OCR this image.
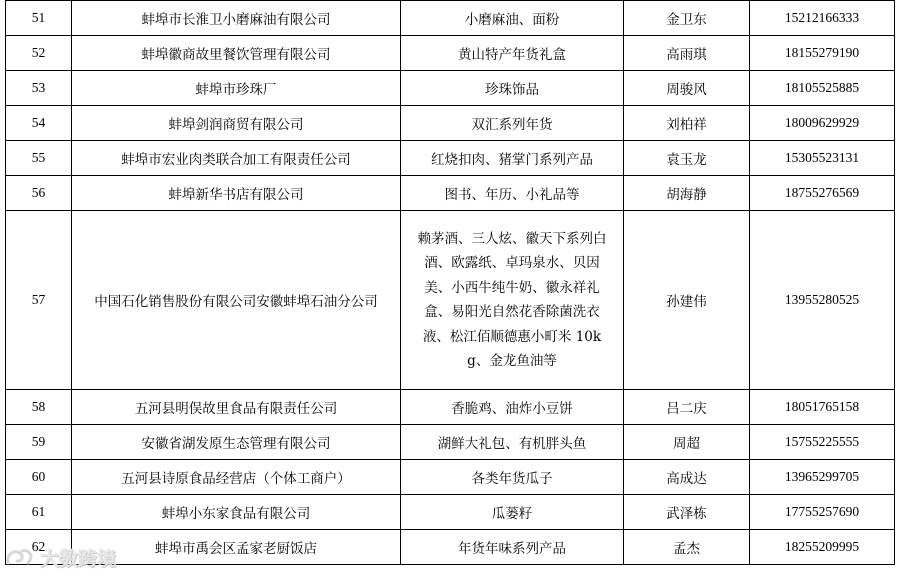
51	蚌埠市长淮卫小磨麻油有限公司	小磨麻油、面粉	金卫东	15212166333
52	蚌埠徽商故里餐饮管理有限公司	黄山特产年货礼盒	高雨琪	18155279190
53	蚌埠市珍珠厂	珍珠饰品	周骏风	18105525885
54	蚌埠剑润商贸有限公司	双汇系列年货	刘柏祥	18009629929
55	蚌埠市宏业肉类联合加工有限责任公司	红烧扣肉、猪掌门系列产品	袁玉龙	15305523131
56	蚌埠新华书店有限公司	图书、年历、小礼品等	胡海静	18755276569
57	中国石化销售股份有限公司安徽蚌埠石油分公司	赖茅酒、三人炫、徽天下系列白酒、欧露纸、卓玛泉水、贝因美、小西牛纯牛奶、徽永祥礼盒、易阳光自然花香除菌洗衣液、松江佰顺德惠小町米 10kg、金龙鱼油等	孙建伟	13955280525
58	五河县明俣故里食品有限责任公司	香脆鸡、油炸小豆饼	吕二庆	18051765158
59	安徽省湖发原生态管理有限公司	湖鲜大礼包、有机胖头鱼	周超	15755225555
60	五河县诗原食品经营店（个体工商户）	各类年货瓜子	高成达	13965299705
61	蚌埠小东家食品有限公司	瓜蒌籽	武泽栋	17755257690
62	蚌埠市禹会区孟家老厨饭店	年货年味系列产品	孟杰	18255209995
大数跨境
